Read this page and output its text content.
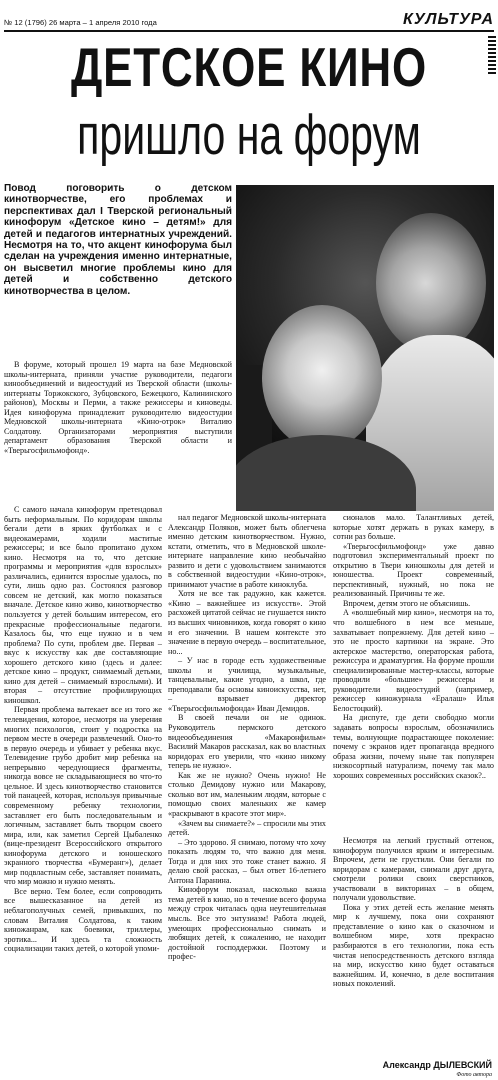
№ 12 (1796) 26 марта – 1 апреля 2010 года	КУЛЬТУРА
ДЕТСКОЕ КИНО
пришло на форум
Повод поговорить о детском кинотворчестве, его проблемах и перспективах дал I Тверской региональный кинофорум «Детское кино – детям!» для детей и педагогов интернатных учреждений. Несмотря на то, что акцент кинофорума был сделан на учреждения именно интернатные, он высветил многие проблемы кино для детей и собственно детского кинотворчества в целом.

В форуме, который прошел 19 марта на базе Медновской школы-интерната, приняли участие руководители, педагоги кинообъединений и видеостудий из Тверской области (школы-интернаты Торжокского, Зубцовского, Бежецкого, Калининского районов), Москвы и Перми, а также режиссеры и киноведы. Идея кинофорума принадлежит руководителю видеостудии Медновской школы-интерната «Кино-отрок» Виталию Солдатову. Организаторами мероприятия выступили департамент образования Тверской области и «Тверьгосфильмофонд».

С самого начала кинофорум претендовал быть неформальным. По коридорам школы бегали дети в ярких футболках и с видеокамерами, ходили маститые режиссеры; и все было пропитано духом кино. Несмотря на то, что детские программы и мероприятия «для взрослых» различались, единится взрослые удалось, по сути, лишь одно раз. Состоялся разговор совсем не детский, как могло показаться вначале. Детское кино живо, кинотворчество пользуется у детей большим интересом, его прекрасные профессиональные педагоги. Казалось бы, что еще нужно и в чем проблема? По сути, проблем две. Первая – вкус к искусству как две составляющие хорошего детского кино (здесь и далее: детское кино – продукт, снимаемый детьми, кино для детей – снимаемый взрослыми). И вторая – отсутствие профилирующих киношкол.

Первая проблема вытекает все из того же телевидения, которое, несмотря на уверения многих психологов, стоит у подростка на первом месте в очереди развлечений. Оно-то в первую очередь и убивает у ребенка вкус. Телевидение грубо дробит мир ребенка на непрерывно чередующиеся фрагменты, никогда вовсе не складывающиеся во что-то цельное. И здесь кинотворчество становится той панацеей, которая, используя привычные современному ребенку технологии, заставляет его быть последовательным и логичным, заставляет быть творцом своего мира, или, как заметил Сергей Цыбаленко (вице-президент Всероссийского открытого кинофорума детского и юношеского экранного творчества «Бумеранг»), делает мир подвластным себе, заставляет понимать, что мир можно и нужно менять.

Все верно. Тем более, если сопроводить все вышесказанное на детей из неблагополучных семей, привыкших, по словам Виталия Солдатова, к таким киножанрам, как боевики, триллеры, эротика... И здесь та сложность социализации таких детей, о которой упоми-

нал педагог Медновской школы-интерната Александр Поляков, может быть облегчена именно детским кинотворчеством. Нужно, кстати, отметить, что в Медновской школе-интернате направление кино необычайно развито и дети с удовольствием занимаются в собственной видеостудии «Кино-отрок», принимают участие в работе киноклуба.

Хотя не все так радужно, как кажется. «Кино – важнейшее из искусств». Этой расхожей цитатой сейчас не гнушается никто из высших чиновников, когда говорят о кино и его значении. В нашем контексте это значение в первую очередь – воспитательное, но...

– У нас в городе есть художественные школы и училища, музыкальные, танцевальные, какие угодно, а школ, где преподавали бы основы киноискусства, нет, – взрывает директор «Тверьгосфильмофонда» Иван Демидов.

В своей печали он не одинок. Руководитель пермского детского видеообъединения «Макаронфильм» Василий Макаров рассказал, как во властных коридорах его уверили, что «кино никому теперь не нужно».

Как же не нужно? Очень нужно! Не столько Демидову нужно или Макарову, сколько вот им, маленьким людям, которые с помощью своих маленьких же камер «раскрывают в красоте этот мир».

«Зачем вы снимаете?» – спросили мы этих детей.

– Это здорово. Я снимаю, потому что хочу показать людям то, что важно для меня. Тогда и для них это тоже станет важно. Я делаю свой рассказ, – был ответ 16-летнего Антона Паранина.

Кинофорум показал, насколько важна тема детей в кино, но в течение всего форума между строк читалась одна неутешительная мысль. Все это энтузиазм! Работа людей, умеющих профессионально снимать и любящих детей, к сожалению, не находит достойной господдержки. Поэтому и профес-

сионалов мало. Талантливых детей, которые хотят держать в руках камеру, в сотни раз больше.

«Тверьгосфильмофонд» уже давно подготовил экспериментальный проект по открытию в Твери киношколы для детей и юношества. Проект современный, перспективный, нужный, но пока не реализованный. Причины те же.

Впрочем, детям этого не объяснишь.

А «волшебный мир кино», несмотря на то, что волшебного в нем все меньше, захватывает попрежнему. Для детей кино – это не просто картинки на экране. Это актерское мастерство, операторская работа, режиссура и драматургия. На форуме прошли специализированные мастер-классы, которые проводили «большие» режиссеры и руководители видеостудий (например, режиссер киножурнала «Ералаш» Илья Белостоцкий).

На диспуте, где дети свободно могли задавать вопросы взрослым, обозначились темы, волнующие подрастающее поколение: почему с экранов идет пропаганда вредного образа жизни, почему ныне так популярен низкосортный натурализм, почему так мало хороших современных российских сказок?..

Несмотря на легкий грустный оттенок, кинофорум получился ярким и интересным. Впрочем, дети не грустили. Они бегали по коридорам с камерами, снимали друг друга, смотрели ролики своих сверстников, участвовали в викторинах – в общем, получали удовольствие.

Пока у этих детей есть желание менять мир к лучшему, пока они сохраняют представление о кино как о сказочном и волшебном мире, хотя прекрасно разбираются в его технологии, пока есть чистая непосредственность детского взгляда на мир, искусство кино будет оставаться важнейшим. И, конечно, в деле воспитания новых поколений.

Александр ДЫЛЕВСКИЙ
Фото автора
